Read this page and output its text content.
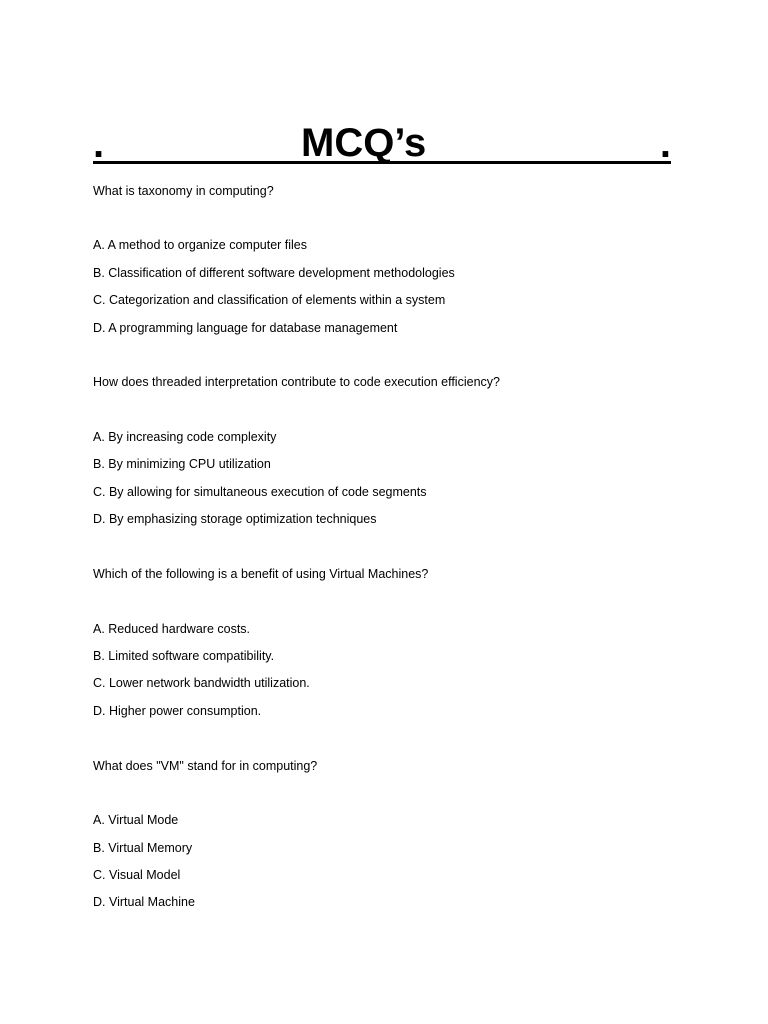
.	MCQ’s	.
What is taxonomy in computing?
A. A method to organize computer files
B. Classification of different software development methodologies
C. Categorization and classification of elements within a system
D. A programming language for database management
How does threaded interpretation contribute to code execution efficiency?
A. By increasing code complexity
B. By minimizing CPU utilization
C. By allowing for simultaneous execution of code segments
D. By emphasizing storage optimization techniques
Which of the following is a benefit of using Virtual Machines?
A. Reduced hardware costs.
B. Limited software compatibility.
C. Lower network bandwidth utilization.
D. Higher power consumption.
What does "VM" stand for in computing?
A. Virtual Mode
B. Virtual Memory
C. Visual Model
D. Virtual Machine
